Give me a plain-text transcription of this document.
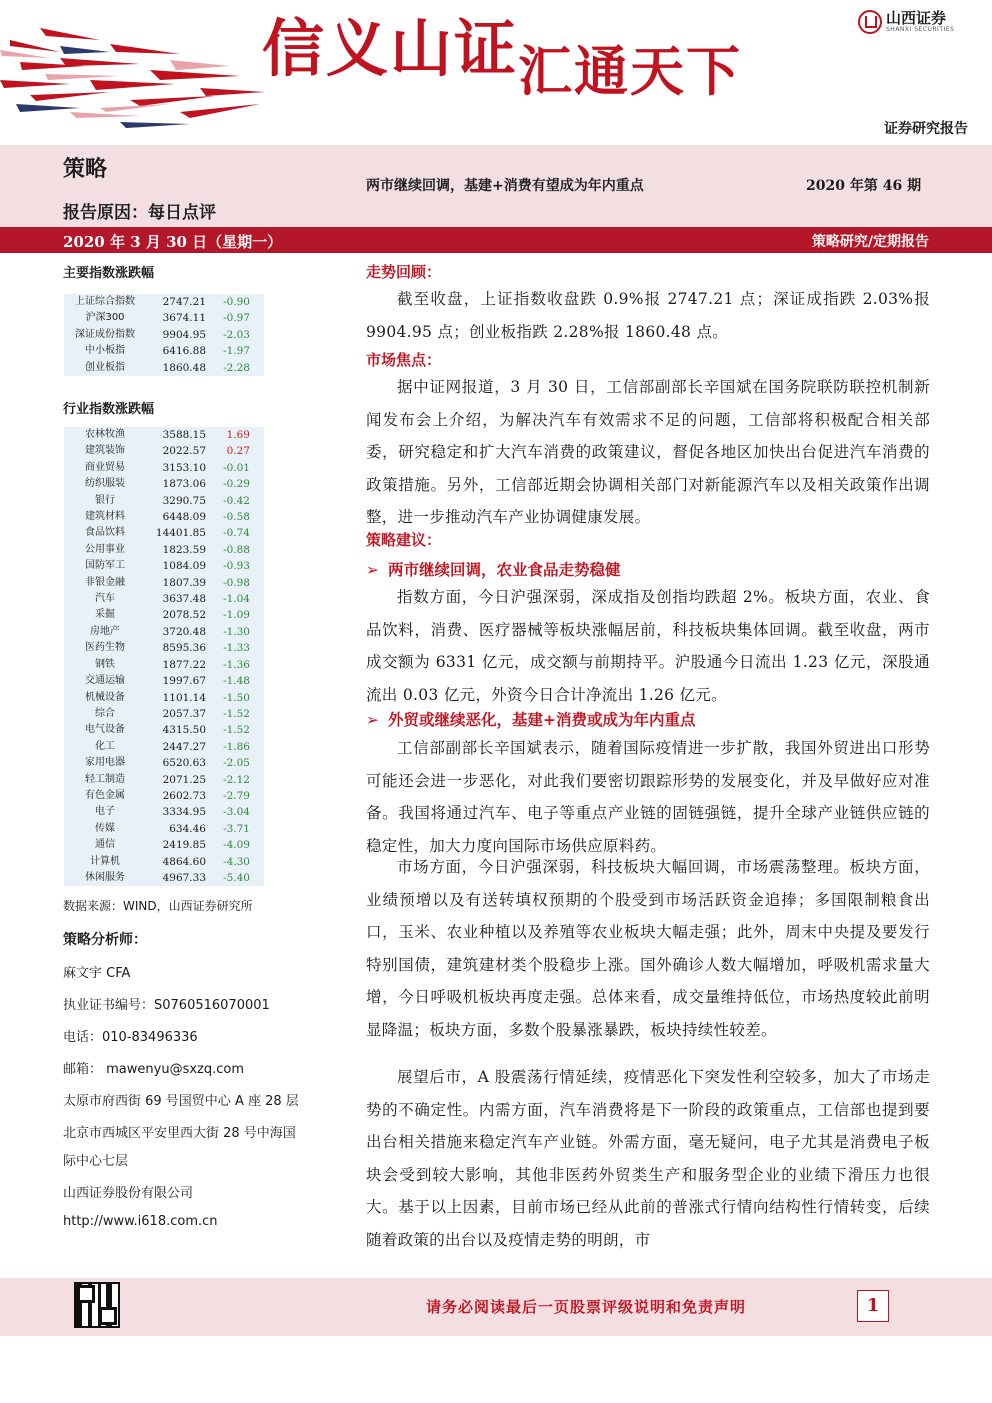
信义山证汇通天下
山西证券
SHANXI SECURITIES
证券研究报告
策略
两市继续回调，基建+消费有望成为年内重点	2020 年第 46 期
报告原因：每日点评
2020 年 3 月 30 日（星期一）	策略研究/定期报告
主要指数涨跌幅
上证综合指数	2747.21	-0.90
沪深300	3674.11	-0.97
深证成份指数	9904.95	-2.03
中小板指	6416.88	-1.97
创业板指	1860.48	-2.28
行业指数涨跌幅
农林牧渔	3588.15	1.69
建筑装饰	2022.57	0.27
商业贸易	3153.10	-0.01
纺织服装	1873.06	-0.29
银行	3290.75	-0.42
建筑材料	6448.09	-0.58
食品饮料	14401.85	-0.74
公用事业	1823.59	-0.88
国防军工	1084.09	-0.93
非银金融	1807.39	-0.98
汽车	3637.48	-1.04
采掘	2078.52	-1.09
房地产	3720.48	-1.30
医药生物	8595.36	-1.33
钢铁	1877.22	-1.36
交通运输	1997.67	-1.48
机械设备	1101.14	-1.50
综合	2057.37	-1.52
电气设备	4315.50	-1.52
化工	2447.27	-1.86
家用电器	6520.63	-2.05
轻工制造	2071.25	-2.12
有色金属	2602.73	-2.79
电子	3334.95	-3.04
传媒	634.46	-3.71
通信	2419.85	-4.09
计算机	4864.60	-4.30
休闲服务	4967.33	-5.40
数据来源：WIND，山西证券研究所
策略分析师：
麻文宇 CFA
执业证书编号：S0760516070001
电话：010-83496336
邮箱： mawenyu@sxzq.com
太原市府西街 69 号国贸中心 A 座 28 层
北京市西城区平安里西大街 28 号中海国
际中心七层
山西证券股份有限公司
http://www.i618.com.cn
走势回顾：
截至收盘，上证指数收盘跌 0.9%报 2747.21 点；深证成指跌 2.03%报 9904.95 点；创业板指跌 2.28%报 1860.48 点。
市场焦点：
据中证网报道，3 月 30 日，工信部副部长辛国斌在国务院联防联控机制新闻发布会上介绍，为解决汽车有效需求不足的问题，工信部将积极配合相关部委，研究稳定和扩大汽车消费的政策建议，督促各地区加快出台促进汽车消费的政策措施。另外，工信部近期会协调相关部门对新能源汽车以及相关政策作出调整，进一步推动汽车产业协调健康发展。
策略建议：
➢ 两市继续回调，农业食品走势稳健
指数方面，今日沪强深弱，深成指及创指均跌超 2%。板块方面，农业、食品饮料，消费、医疗器械等板块涨幅居前，科技板块集体回调。截至收盘，两市成交额为 6331 亿元，成交额与前期持平。沪股通今日流出 1.23 亿元，深股通流出 0.03 亿元，外资今日合计净流出 1.26 亿元。
➢ 外贸或继续恶化，基建+消费或成为年内重点
工信部副部长辛国斌表示，随着国际疫情进一步扩散，我国外贸进出口形势可能还会进一步恶化，对此我们要密切跟踪形势的发展变化，并及早做好应对准备。我国将通过汽车、电子等重点产业链的固链强链，提升全球产业链供应链的稳定性，加大力度向国际市场供应原料药。
市场方面，今日沪强深弱，科技板块大幅回调，市场震荡整理。板块方面，业绩预增以及有送转填权预期的个股受到市场活跃资金追捧；多国限制粮食出口，玉米、农业种植以及养殖等农业板块大幅走强；此外，周末中央提及要发行特别国债，建筑建材类个股稳步上涨。国外确诊人数大幅增加，呼吸机需求量大增，今日呼吸机板块再度走强。总体来看，成交量维持低位，市场热度较此前明显降温；板块方面，多数个股暴涨暴跌，板块持续性较差。
展望后市，A 股震荡行情延续，疫情恶化下突发性利空较多，加大了市场走势的不确定性。内需方面，汽车消费将是下一阶段的政策重点，工信部也提到要出台相关措施来稳定汽车产业链。外需方面，毫无疑问，电子尤其是消费电子板块会受到较大影响，其他非医药外贸类生产和服务型企业的业绩下滑压力也很大。基于以上因素，目前市场已经从此前的普涨式行情向结构性行情转变，后续随着政策的出台以及疫情走势的明朗，市
请务必阅读最后一页股票评级说明和免责声明	1
